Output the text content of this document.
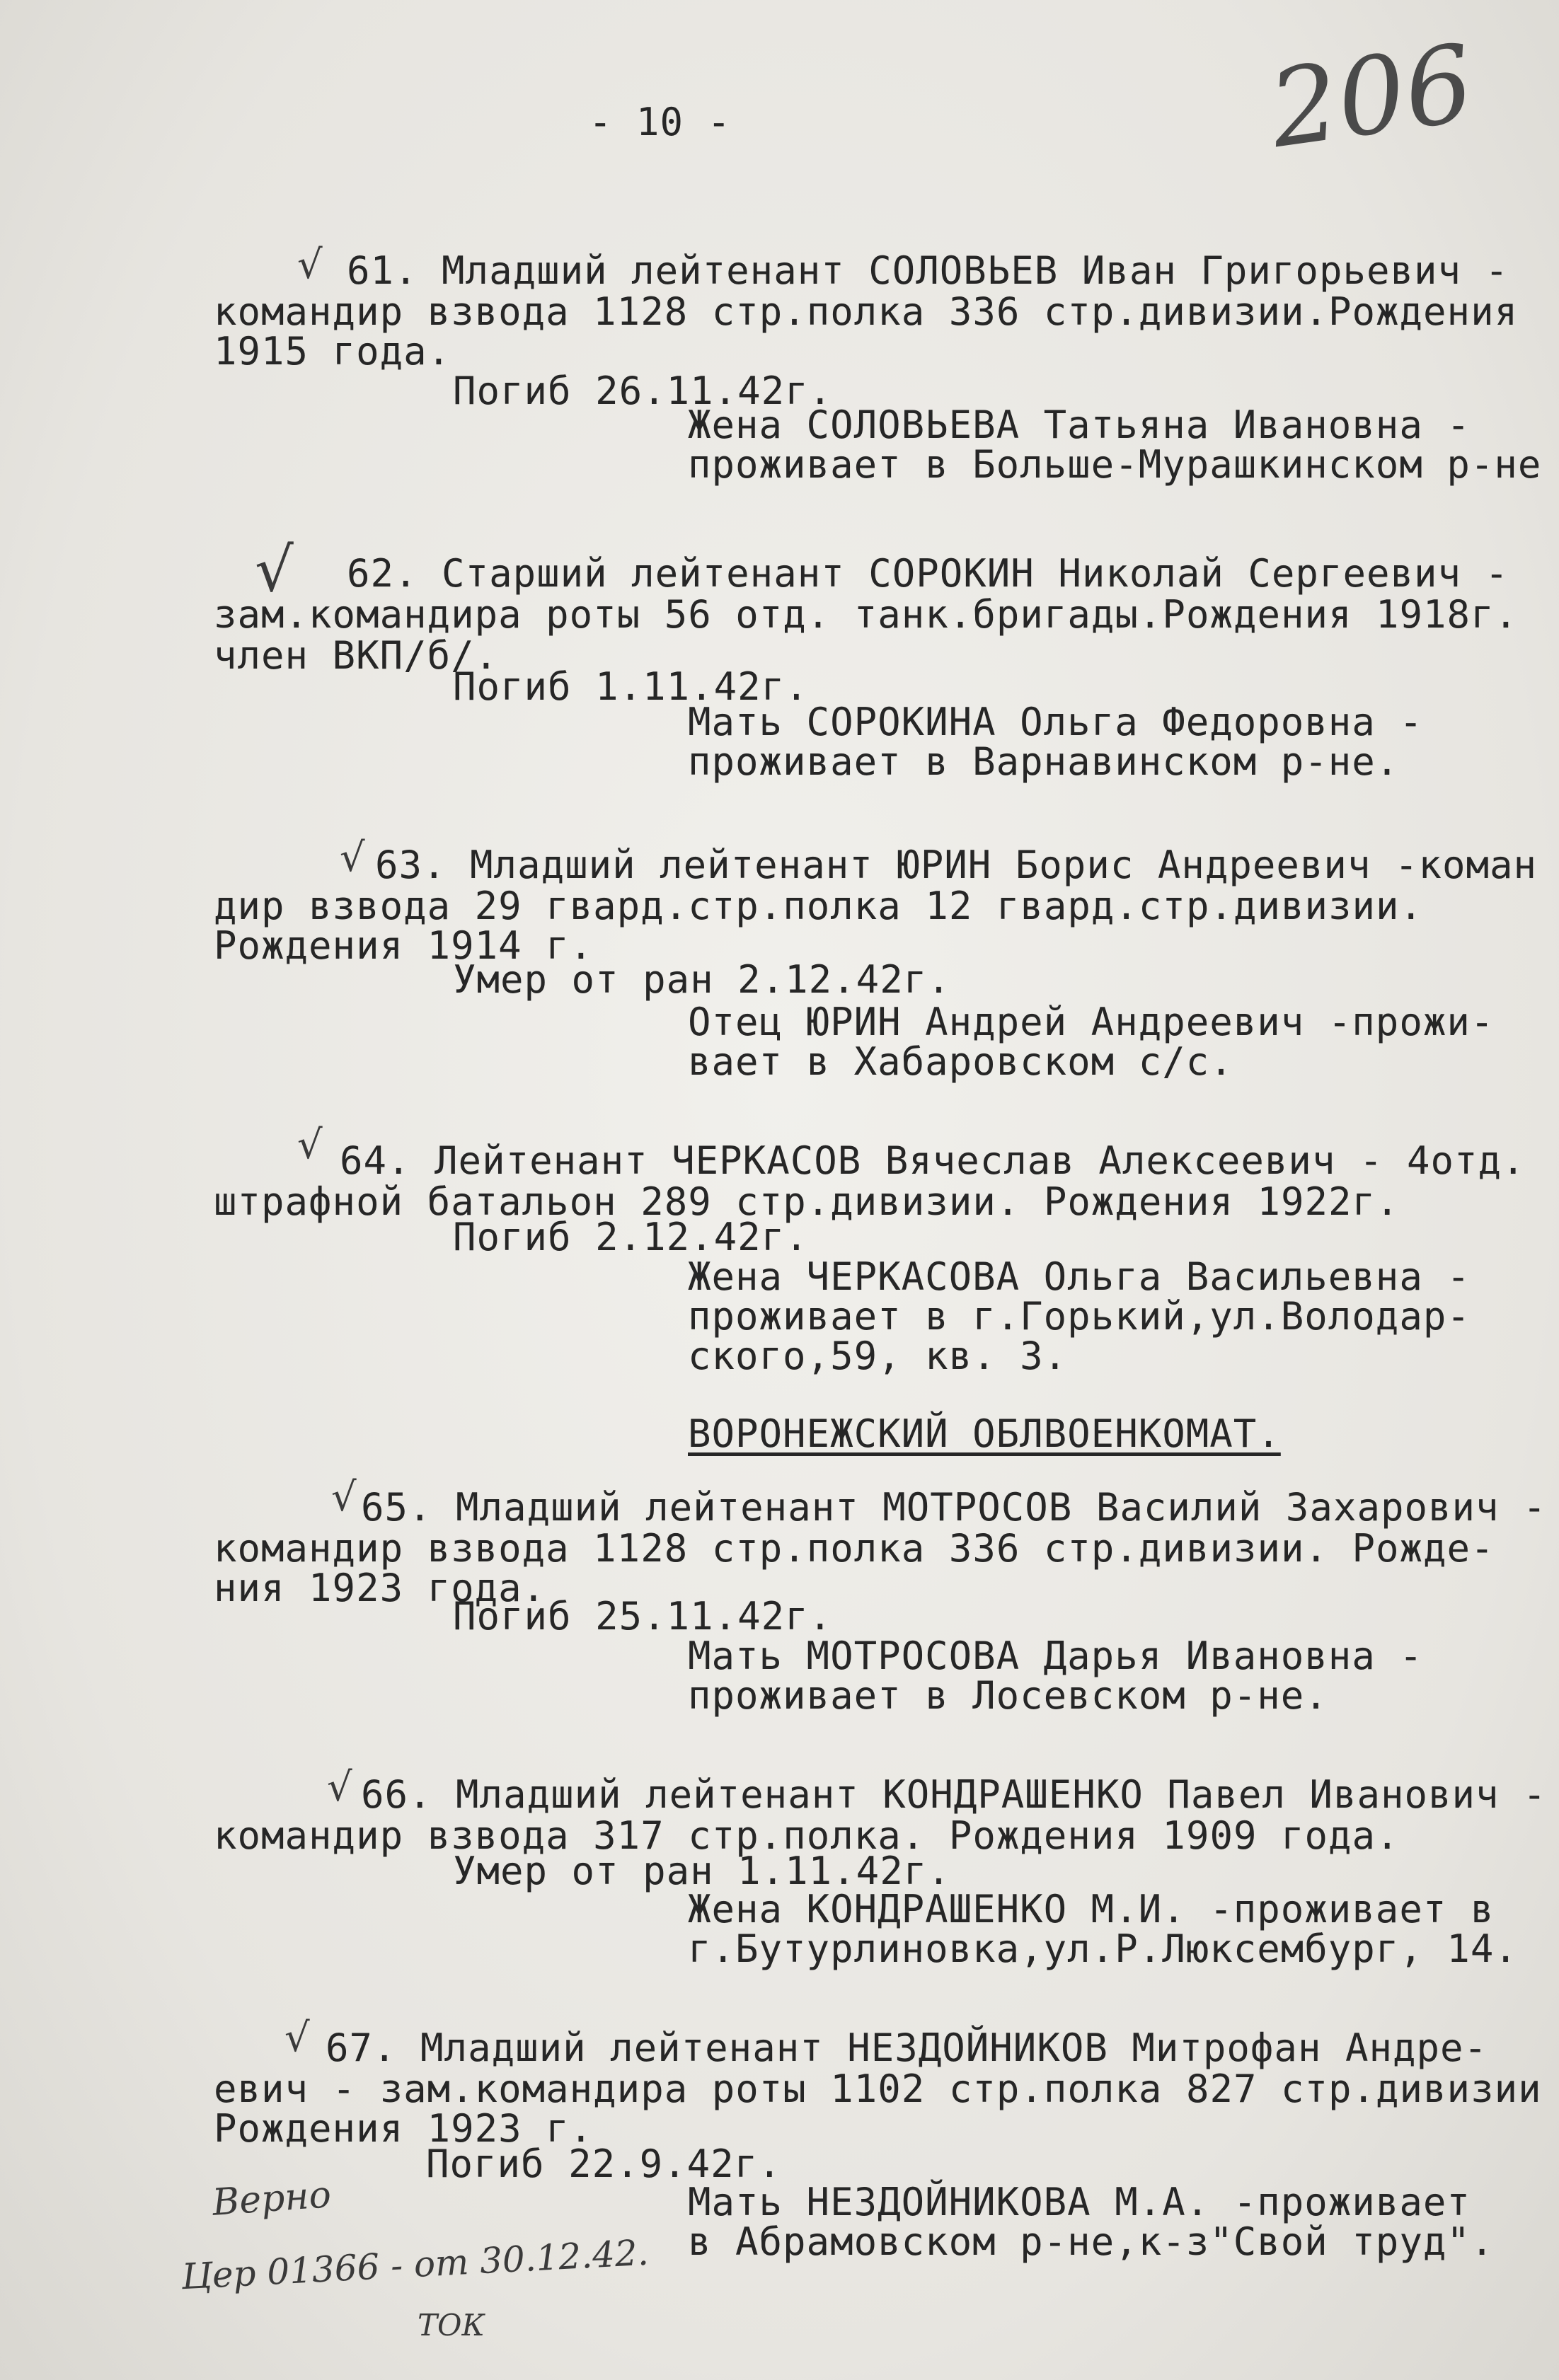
206
- 10 -
√ 61. Младший лейтенант СОЛОВЬЕВ Иван Григорьевич -
командир взвода 1128 стр.полка 336 стр.дивизии.Рождения
1915 года.
Погиб 26.11.42г.
Жена СОЛОВЬЕВА Татьяна Ивановна -
проживает в Больше-Мурашкинском р-не
√ 62. Старший лейтенант СОРОКИН Николай Сергеевич -
зам.командира роты 56 отд. танк.бригады.Рождения 1918г.
член ВКП/б/.
Погиб 1.11.42г.
Мать СОРОКИНА Ольга Федоровна -
проживает в Варнавинском р-не.
√ 63. Младший лейтенант ЮРИН Борис Андреевич -коман
дир взвода 29 гвард.стр.полка 12 гвард.стр.дивизии.
Рождения 1914 г.
Умер от ран 2.12.42г.
Отец ЮРИН Андрей Андреевич -прожи-
вает в Хабаровском с/с.
√ 64. Лейтенант ЧЕРКАСОВ Вячеслав Алексеевич - 4отд.
штрафной батальон 289 стр.дивизии. Рождения 1922г.
Погиб 2.12.42г.
Жена ЧЕРКАСОВА Ольга Васильевна -
проживает в г.Горький,ул.Володар-
ского,59, кв. 3.
ВОРОНЕЖСКИЙ ОБЛВОЕНКОМАТ.
√ 65. Младший лейтенант МОТРОСОВ Василий Захарович -
командир взвода 1128 стр.полка 336 стр.дивизии. Рожде-
ния 1923 года.
Погиб 25.11.42г.
Мать МОТРОСОВА Дарья Ивановна -
проживает в Лосевском р-не.
√ 66. Младший лейтенант КОНДРАШЕНКО Павел Иванович -
командир взвода 317 стр.полка. Рождения 1909 года.
Умер от ран 1.11.42г.
Жена КОНДРАШЕНКО М.И. -проживает в
г.Бутурлиновка,ул.Р.Люксембург, 14.
√ 67. Младший лейтенант НЕЗДОЙНИКОВ Митрофан Андре-
евич - зам.командира роты 1102 стр.полка 827 стр.дивизии
Рождения 1923 г.
Погиб 22.9.42г.
Мать НЕЗДОЙНИКОВА М.А. -проживает
в Абрамовском р-не,к-з"Свой труд".
Верно
Цер 01366 - от 30.12.42.
ТОК
